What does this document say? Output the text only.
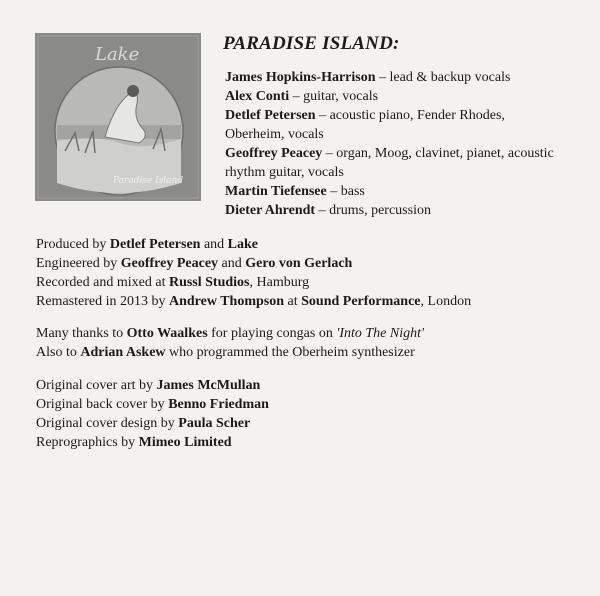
Lake
Paradise Island
PARADISE ISLAND:
James Hopkins-Harrison – lead & backup vocals
Alex Conti – guitar, vocals
Detlef Petersen – acoustic piano, Fender Rhodes, Oberheim, vocals
Geoffrey Peacey – organ, Moog, clavinet, pianet, acoustic rhythm guitar, vocals
Martin Tiefensee – bass
Dieter Ahrendt – drums, percussion

Produced by Detlef Petersen and Lake

Engineered by Geoffrey Peacey and Gero von Gerlach

Recorded and mixed at Russl Studios, Hamburg

Remastered in 2013 by Andrew Thompson at Sound Performance, London

Many thanks to Otto Waalkes for playing congas on 'Into The Night'

Also to Adrian Askew who programmed the Oberheim synthesizer

Original cover art by James McMullan

Original back cover by Benno Friedman

Original cover design by Paula Scher

Reprographics by Mimeo Limited
